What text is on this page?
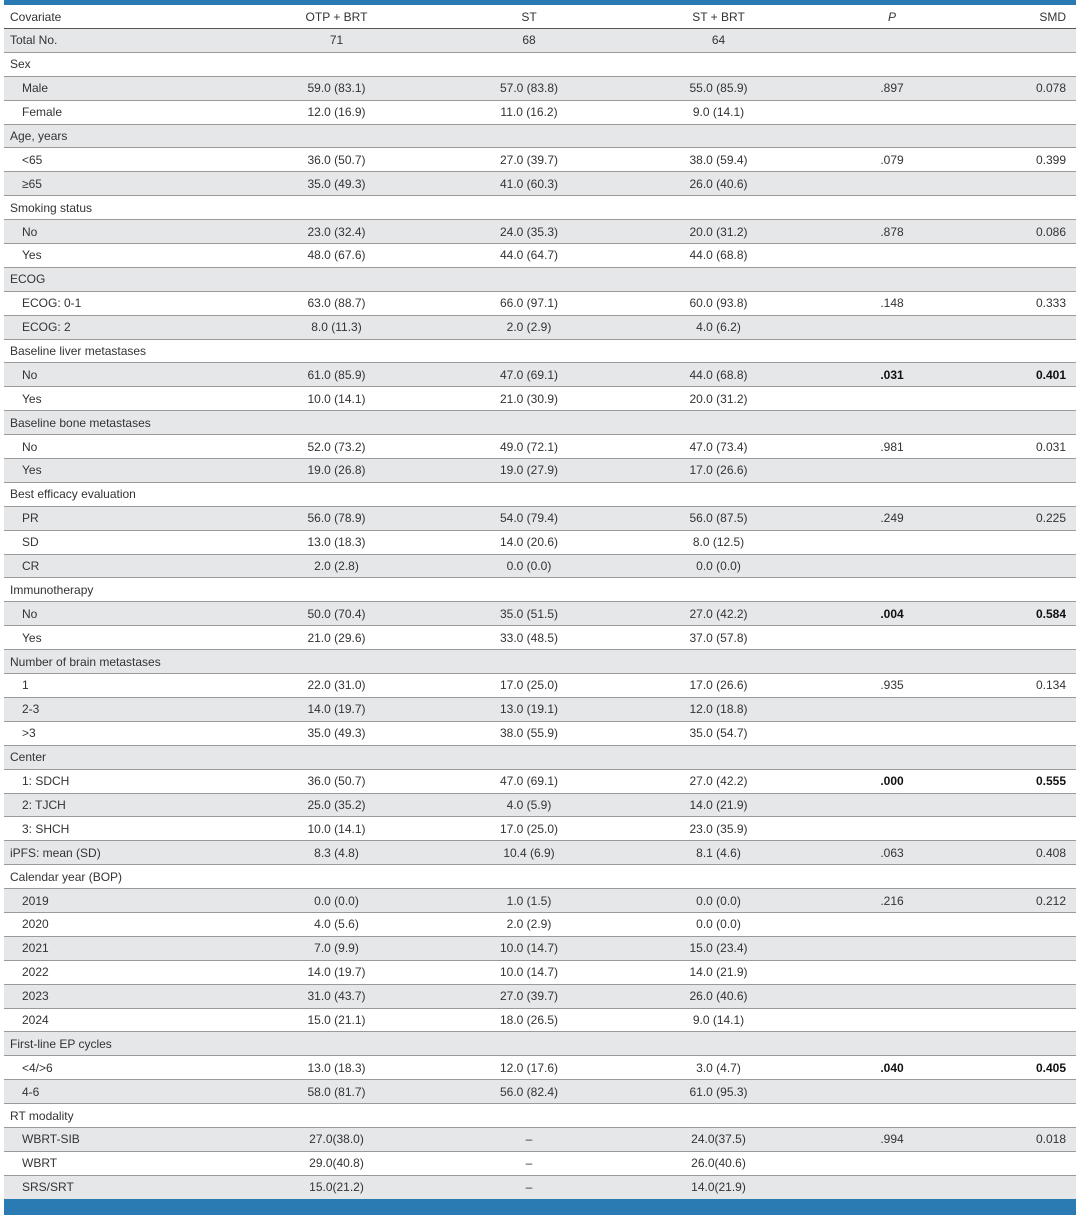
Covariate	OTP + BRT	ST	ST + BRT	P	SMD
Total No.	71	68	64		
Sex					
Male	59.0 (83.1)	57.0 (83.8)	55.0 (85.9)	.897	0.078
Female	12.0 (16.9)	11.0 (16.2)	9.0 (14.1)		
Age, years					
<65	36.0 (50.7)	27.0 (39.7)	38.0 (59.4)	.079	0.399
≥65	35.0 (49.3)	41.0 (60.3)	26.0 (40.6)		
Smoking status					
No	23.0 (32.4)	24.0 (35.3)	20.0 (31.2)	.878	0.086
Yes	48.0 (67.6)	44.0 (64.7)	44.0 (68.8)		
ECOG					
ECOG: 0-1	63.0 (88.7)	66.0 (97.1)	60.0 (93.8)	.148	0.333
ECOG: 2	8.0 (11.3)	2.0 (2.9)	4.0 (6.2)		
Baseline liver metastases					
No	61.0 (85.9)	47.0 (69.1)	44.0 (68.8)	.031	0.401
Yes	10.0 (14.1)	21.0 (30.9)	20.0 (31.2)		
Baseline bone metastases					
No	52.0 (73.2)	49.0 (72.1)	47.0 (73.4)	.981	0.031
Yes	19.0 (26.8)	19.0 (27.9)	17.0 (26.6)		
Best efficacy evaluation					
PR	56.0 (78.9)	54.0 (79.4)	56.0 (87.5)	.249	0.225
SD	13.0 (18.3)	14.0 (20.6)	8.0 (12.5)		
CR	2.0 (2.8)	0.0 (0.0)	0.0 (0.0)		
Immunotherapy					
No	50.0 (70.4)	35.0 (51.5)	27.0 (42.2)	.004	0.584
Yes	21.0 (29.6)	33.0 (48.5)	37.0 (57.8)		
Number of brain metastases					
1	22.0 (31.0)	17.0 (25.0)	17.0 (26.6)	.935	0.134
2-3	14.0 (19.7)	13.0 (19.1)	12.0 (18.8)		
>3	35.0 (49.3)	38.0 (55.9)	35.0 (54.7)		
Center					
1: SDCH	36.0 (50.7)	47.0 (69.1)	27.0 (42.2)	.000	0.555
2: TJCH	25.0 (35.2)	4.0 (5.9)	14.0 (21.9)		
3: SHCH	10.0 (14.1)	17.0 (25.0)	23.0 (35.9)		
iPFS: mean (SD)	8.3 (4.8)	10.4 (6.9)	8.1 (4.6)	.063	0.408
Calendar year (BOP)					
2019	0.0 (0.0)	1.0 (1.5)	0.0 (0.0)	.216	0.212
2020	4.0 (5.6)	2.0 (2.9)	0.0 (0.0)		
2021	7.0 (9.9)	10.0 (14.7)	15.0 (23.4)		
2022	14.0 (19.7)	10.0 (14.7)	14.0 (21.9)		
2023	31.0 (43.7)	27.0 (39.7)	26.0 (40.6)		
2024	15.0 (21.1)	18.0 (26.5)	9.0 (14.1)		
First-line EP cycles					
<4/>6	13.0 (18.3)	12.0 (17.6)	3.0 (4.7)	.040	0.405
4-6	58.0 (81.7)	56.0 (82.4)	61.0 (95.3)		
RT modality					
WBRT-SIB	27.0(38.0)	–	24.0(37.5)	.994	0.018
WBRT	29.0(40.8)	–	26.0(40.6)		
SRS/SRT	15.0(21.2)	–	14.0(21.9)		
